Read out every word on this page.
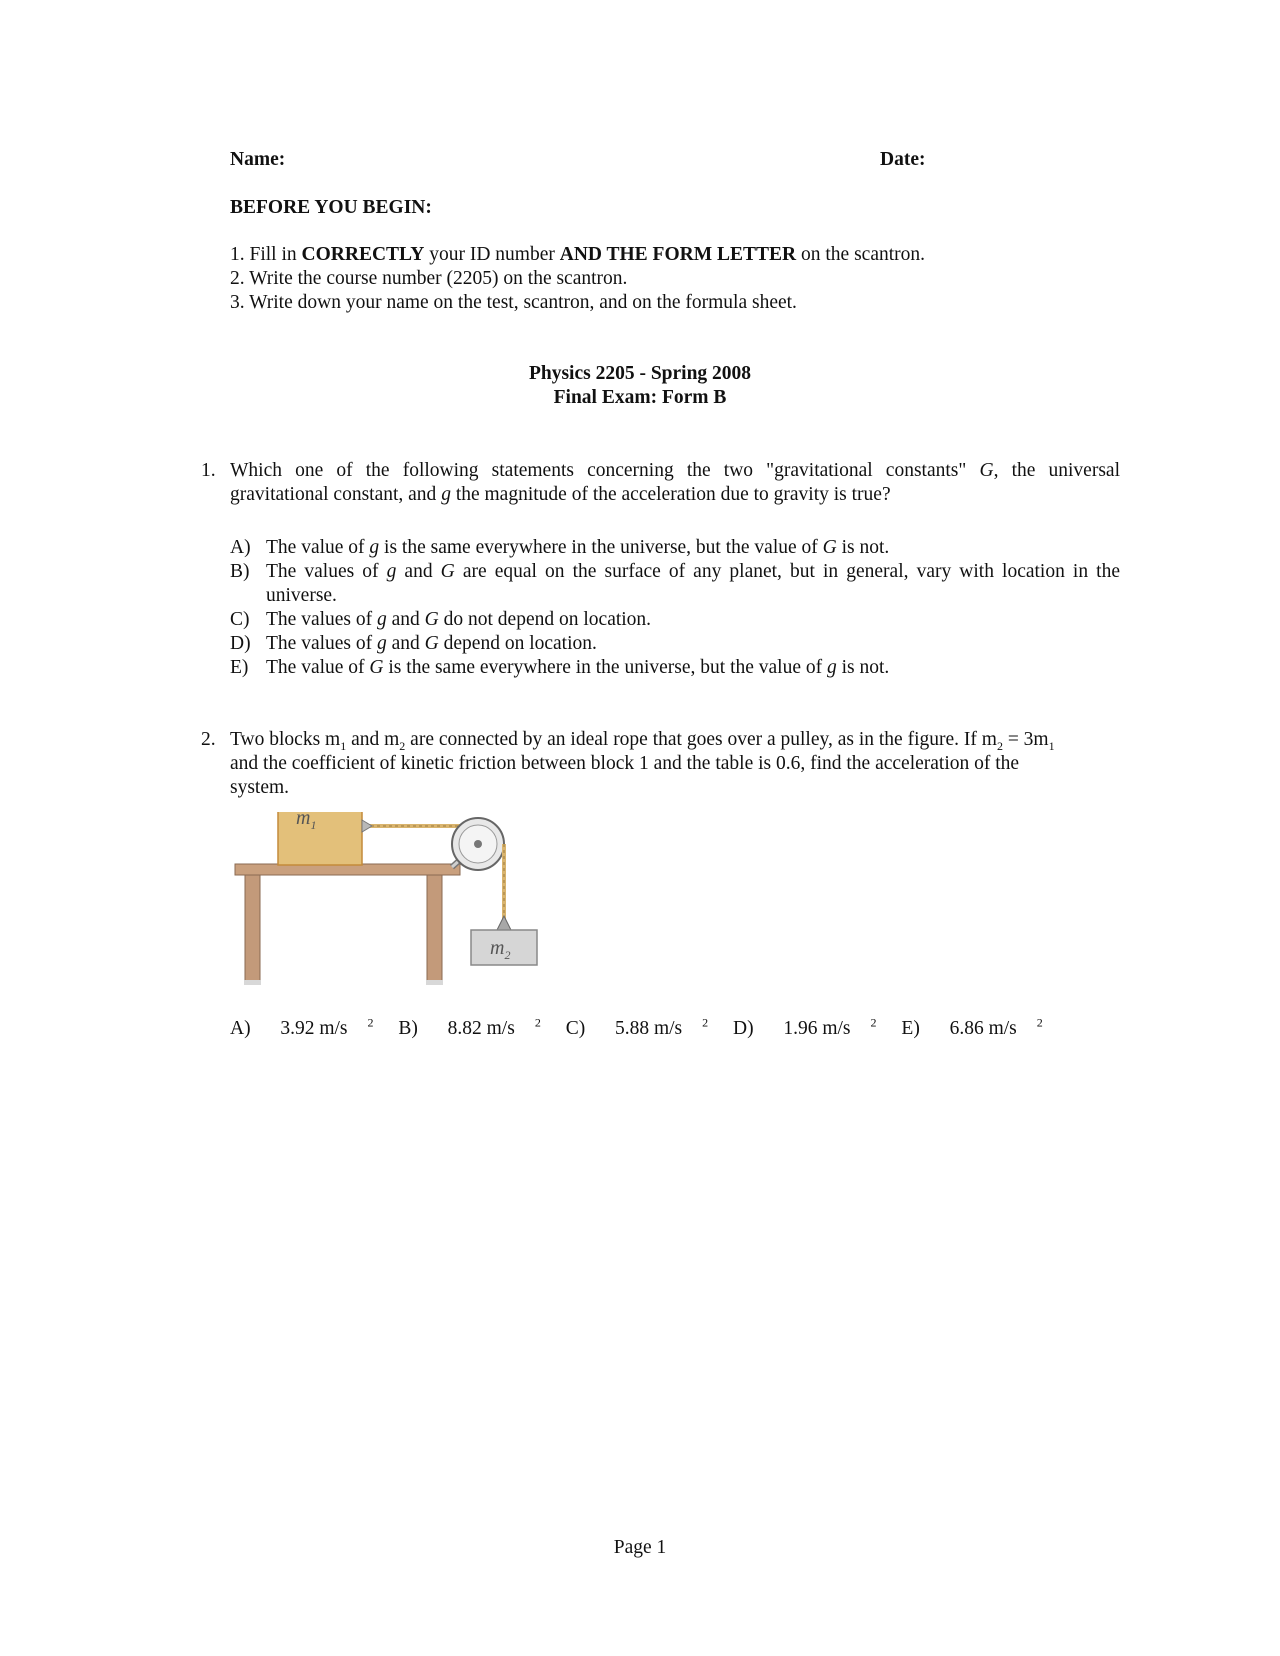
Name:	Date:
BEFORE YOU BEGIN:
1. Fill in CORRECTLY your ID number AND THE FORM LETTER on the scantron.
2. Write the course number (2205) on the scantron.
3. Write down your name on the test, scantron, and on the formula sheet.
Physics 2205 - Spring 2008
Final Exam: Form B
1. Which one of the following statements concerning the two "gravitational constants" G, the universal
gravitational constant, and g the magnitude of the acceleration due to gravity is true?
A) The value of g is the same everywhere in the universe, but the value of G is not.
B) The values of g and G are equal on the surface of any planet, but in general, vary with location in the
universe.
C) The values of g and G do not depend on location.
D) The values of g and G depend on location.
E) The value of G is the same everywhere in the universe, but the value of g is not.
2. Two blocks $m_1$ and $m_2$ are connected by an ideal rope that goes over a pulley, as in the figure. If $m_2 = 3m_1$
and the coefficient of kinetic friction between block 1 and the table is 0.6, find the acceleration of the
system.
$m_1$
$m_2$
A) 3.92 m/s $^2$ B) 8.82 m/s $^2$ C) 5.88 m/s $^2$ D) 1.96 m/s $^2$ E) 6.86 m/s $^2$
Page 1
